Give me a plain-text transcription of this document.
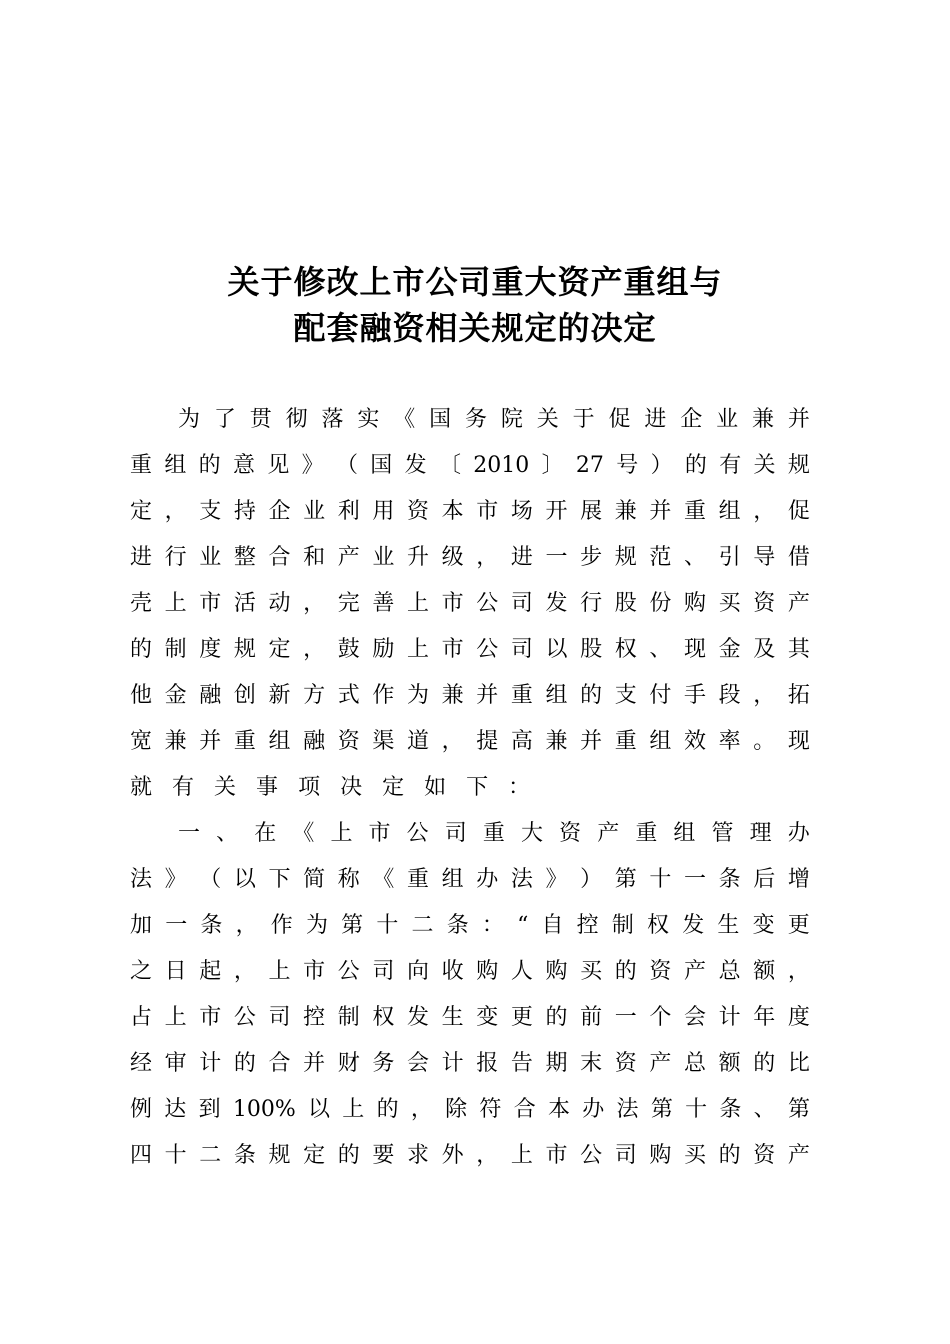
关于修改上市公司重大资产重组与
配套融资相关规定的决定
为 了 贯 彻 落 实 《 国 务 院 关 于 促 进 企 业 兼 并
重 组 的 意 见 》 （ 国 发 〔 2010 〕 27 号 ） 的 有 关 规
定 ， 支 持 企 业 利 用 资 本 市 场 开 展 兼 并 重 组 ， 促
进 行 业 整 合 和 产 业 升 级 ， 进 一 步 规 范 、 引 导 借
壳 上 市 活 动 ， 完 善 上 市 公 司 发 行 股 份 购 买 资 产
的 制 度 规 定 ， 鼓 励 上 市 公 司 以 股 权 、 现 金 及 其
他 金 融 创 新 方 式 作 为 兼 并 重 组 的 支 付 手 段 ， 拓
宽 兼 并 重 组 融 资 渠 道 ， 提 高 兼 并 重 组 效 率 。 现
就 有 关 事 项 决 定 如 下 ：
一 、 在 《 上 市 公 司 重 大 资 产 重 组 管 理 办
法 》 （ 以 下 简 称 《 重 组 办 法 》 ） 第 十 一 条 后 增
加 一 条 ， 作 为 第 十 二 条 ： “ 自 控 制 权 发 生 变 更
之 日 起 ， 上 市 公 司 向 收 购 人 购 买 的 资 产 总 额 ，
占 上 市 公 司 控 制 权 发 生 变 更 的 前 一 个 会 计 年 度
经 审 计 的 合 并 财 务 会 计 报 告 期 末 资 产 总 额 的 比
例 达 到 100% 以 上 的 ， 除 符 合 本 办 法 第 十 条 、 第
四 十 二 条 规 定 的 要 求 外 ， 上 市 公 司 购 买 的 资 产
